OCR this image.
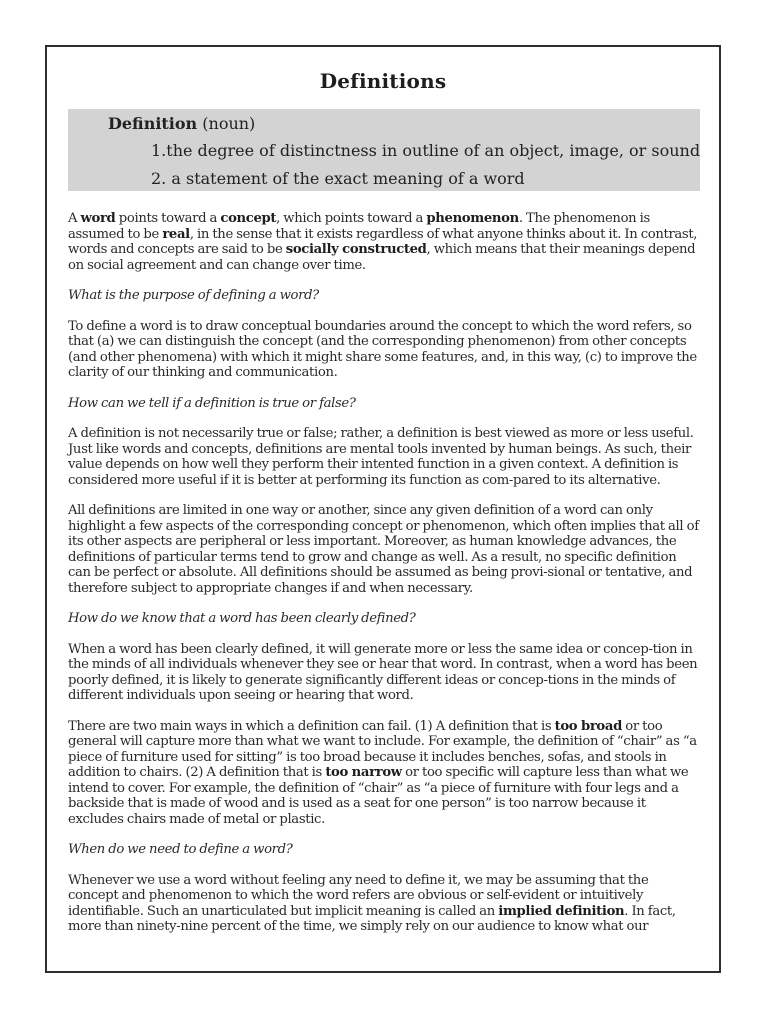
Definitions
Definition (noun)
1.the degree of distinctness in outline of an object, image, or sound
2. a statement of the exact meaning of a word

A word points toward a concept, which points toward a phenomenon. The phenomenon is assumed to be real, in the sense that it exists regardless of what anyone thinks about it. In contrast, words and concepts are said to be socially constructed, which means that their meanings depend on social agreement and can change over time.

What is the purpose of defining a word?

To define a word is to draw conceptual boundaries around the concept to which the word refers, so that (a) we can distinguish the concept (and the corresponding phenomenon) from other concepts (and other phenomena) with which it might share some features, and, in this way, (c) to improve the clarity of our thinking and communication.

How can we tell if a definition is true or false?

A definition is not necessarily true or false; rather, a definition is best viewed as more or less useful. Just like words and concepts, definitions are mental tools invented by human beings. As such, their value depends on how well they perform their intented function in a given context. A definition is considered more useful if it is better at performing its function as com-pared to its alternative.

All definitions are limited in one way or another, since any given definition of a word can only highlight a few aspects of the corresponding concept or phenomenon, which often implies that all of its other aspects are peripheral or less important. Moreover, as human knowledge advances, the definitions of particular terms tend to grow and change as well. As a result, no specific definition can be perfect or absolute. All definitions should be assumed as being provi-sional or tentative, and therefore subject to appropriate changes if and when necessary.

How do we know that a word has been clearly defined?

When a word has been clearly defined, it will generate more or less the same idea or concep-tion in the minds of all individuals whenever they see or hear that word. In contrast, when a word has been poorly defined, it is likely to generate significantly different ideas or concep-tions in the minds of different individuals upon seeing or hearing that word.

There are two main ways in which a definition can fail. (1) A definition that is too broad or too general will capture more than what we want to include. For example, the definition of “chair” as “a piece of furniture used for sitting” is too broad because it includes benches, sofas, and stools in addition to chairs. (2) A definition that is too narrow or too specific will capture less than what we intend to cover. For example, the definition of “chair” as “a piece of furniture with four legs and a backside that is made of wood and is used as a seat for one person” is too narrow because it excludes chairs made of metal or plastic.

When do we need to define a word?

Whenever we use a word without feeling any need to define it, we may be assuming that the concept and phenomenon to which the word refers are obvious or self-evident or intuitively identifiable. Such an unarticulated but implicit meaning is called an implied definition. In fact, more than ninety-nine percent of the time, we simply rely on our audience to know what our
